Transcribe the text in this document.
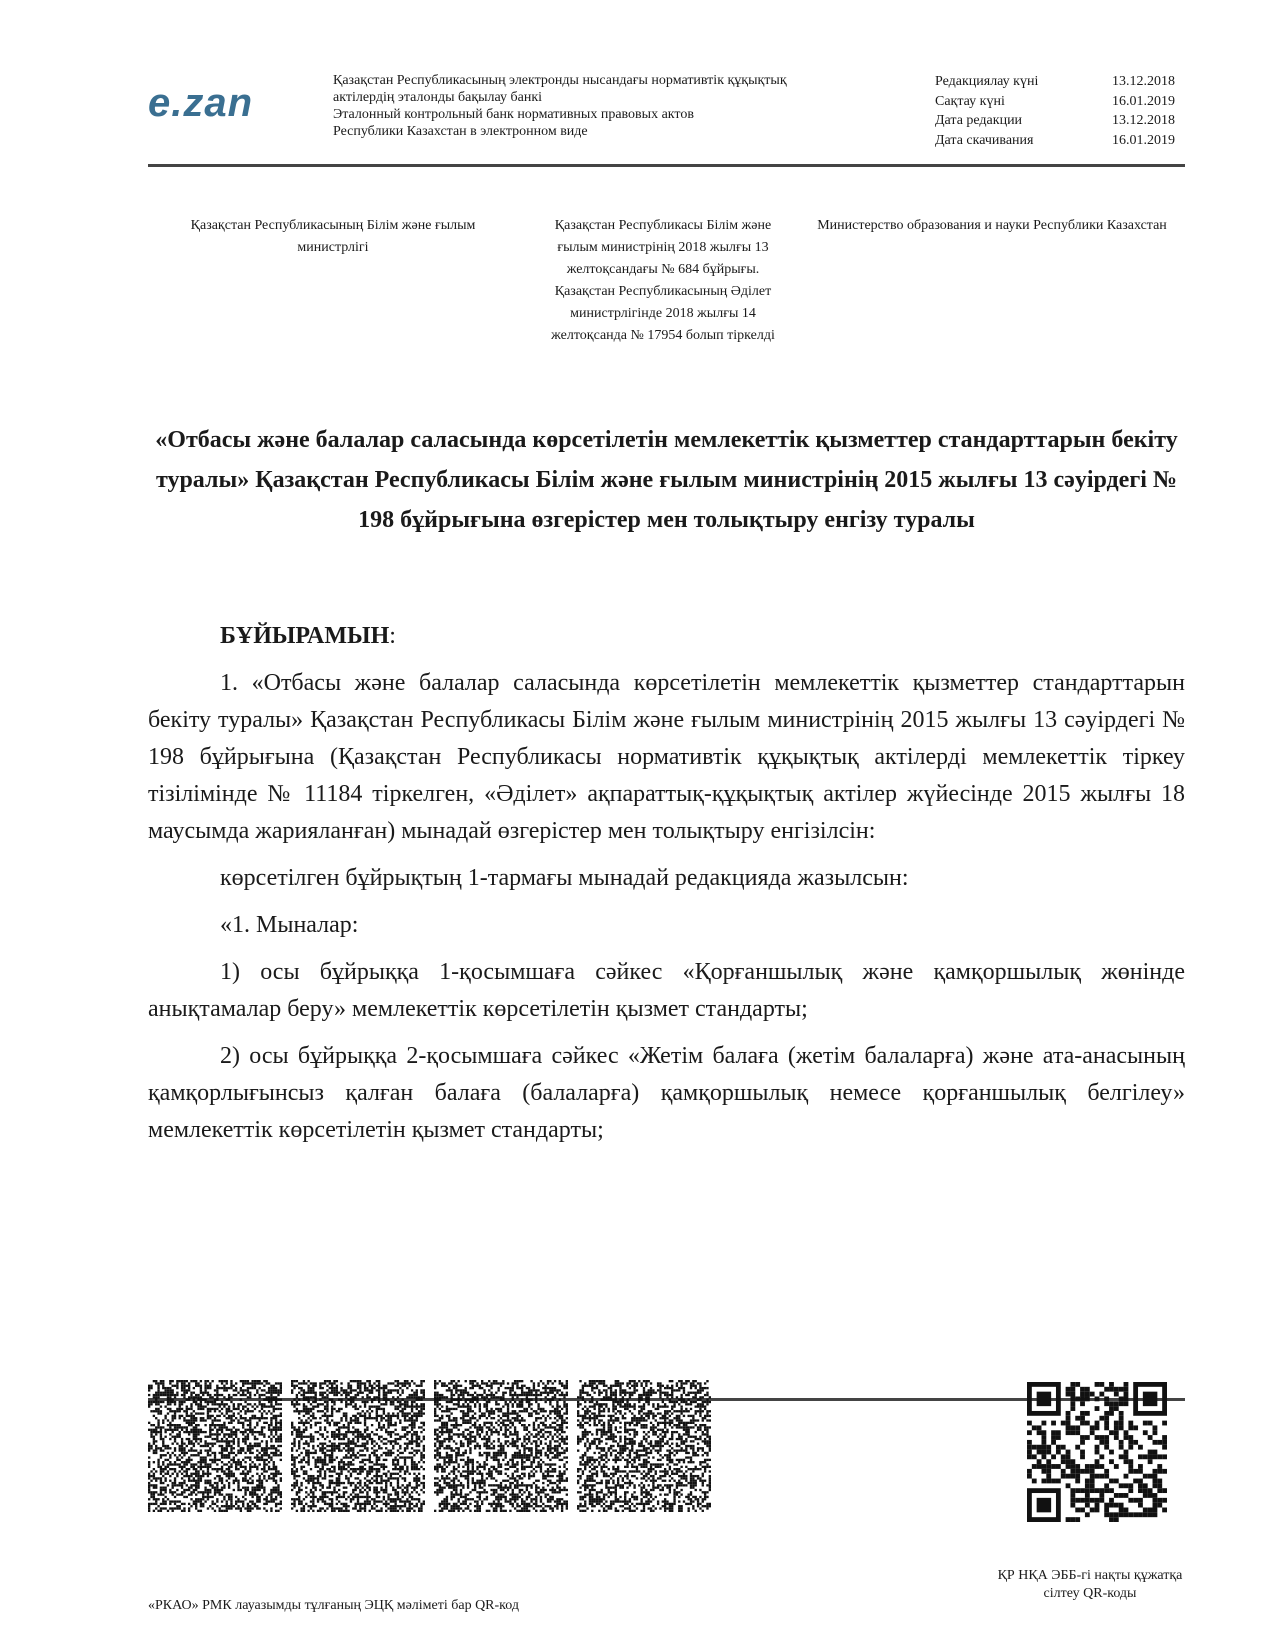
e.zan
Қазақстан Республикасының электронды нысандағы нормативтік құқықтық
актілердің эталонды бақылау банкі
Эталонный контрольный банк нормативных правовых актов
Республики Казахстан в электронном виде
Редакциялау күні	13.12.2018
Сақтау күні	16.01.2019
Дата редакции	13.12.2018
Дата скачивания	16.01.2019
Қазақстан Республикасының Білім және ғылым министрлігі
Қазақстан Республикасы Білім және ғылым министрінің 2018 жылғы 13 желтоқсандағы № 684 бұйрығы. Қазақстан Республикасының Әділет министрлігінде 2018 жылғы 14 желтоқсанда № 17954 болып тіркелді
Министерство образования и науки Республики Казахстан
«Отбасы және балалар саласында көрсетілетін мемлекеттік қызметтер стандарттарын бекіту туралы» Қазақстан Республикасы Білім және ғылым министрінің 2015 жылғы 13 сәуірдегі № 198 бұйрығына өзгерістер мен толықтыру енгізу туралы

БҰЙЫРАМЫН:

1. «Отбасы және балалар саласында көрсетілетін мемлекеттік қызметтер стандарттарын бекіту туралы» Қазақстан Республикасы Білім және ғылым министрінің 2015 жылғы 13 сәуірдегі № 198 бұйрығына (Қазақстан Республикасы нормативтік құқықтық актілерді мемлекеттік тіркеу тізілімінде № 11184 тіркелген, «Әділет» ақпараттық-құқықтық актілер жүйесінде 2015 жылғы 18 маусымда жарияланған) мынадай өзгерістер мен толықтыру енгізілсін:

көрсетілген бұйрықтың 1-тармағы мынадай редакцияда жазылсын:

«1. Мыналар:

1) осы бұйрыққа 1-қосымшаға сәйкес «Қорғаншылық және қамқоршылық жөнінде анықтамалар беру» мемлекеттік көрсетілетін қызмет стандарты;

2) осы бұйрыққа 2-қосымшаға сәйкес «Жетім балаға (жетім балаларға) және ата-анасының қамқорлығынсыз қалған балаға (балаларға) қамқоршылық немесе қорғаншылық белгілеу» мемлекеттік көрсетілетін қызмет стандарты;

«РКАО» РМК лауазымды тұлғаның ЭЦҚ мәліметі бар QR-код
ҚР НҚА ЭББ-гі нақты құжатқа сілтеу QR-коды
